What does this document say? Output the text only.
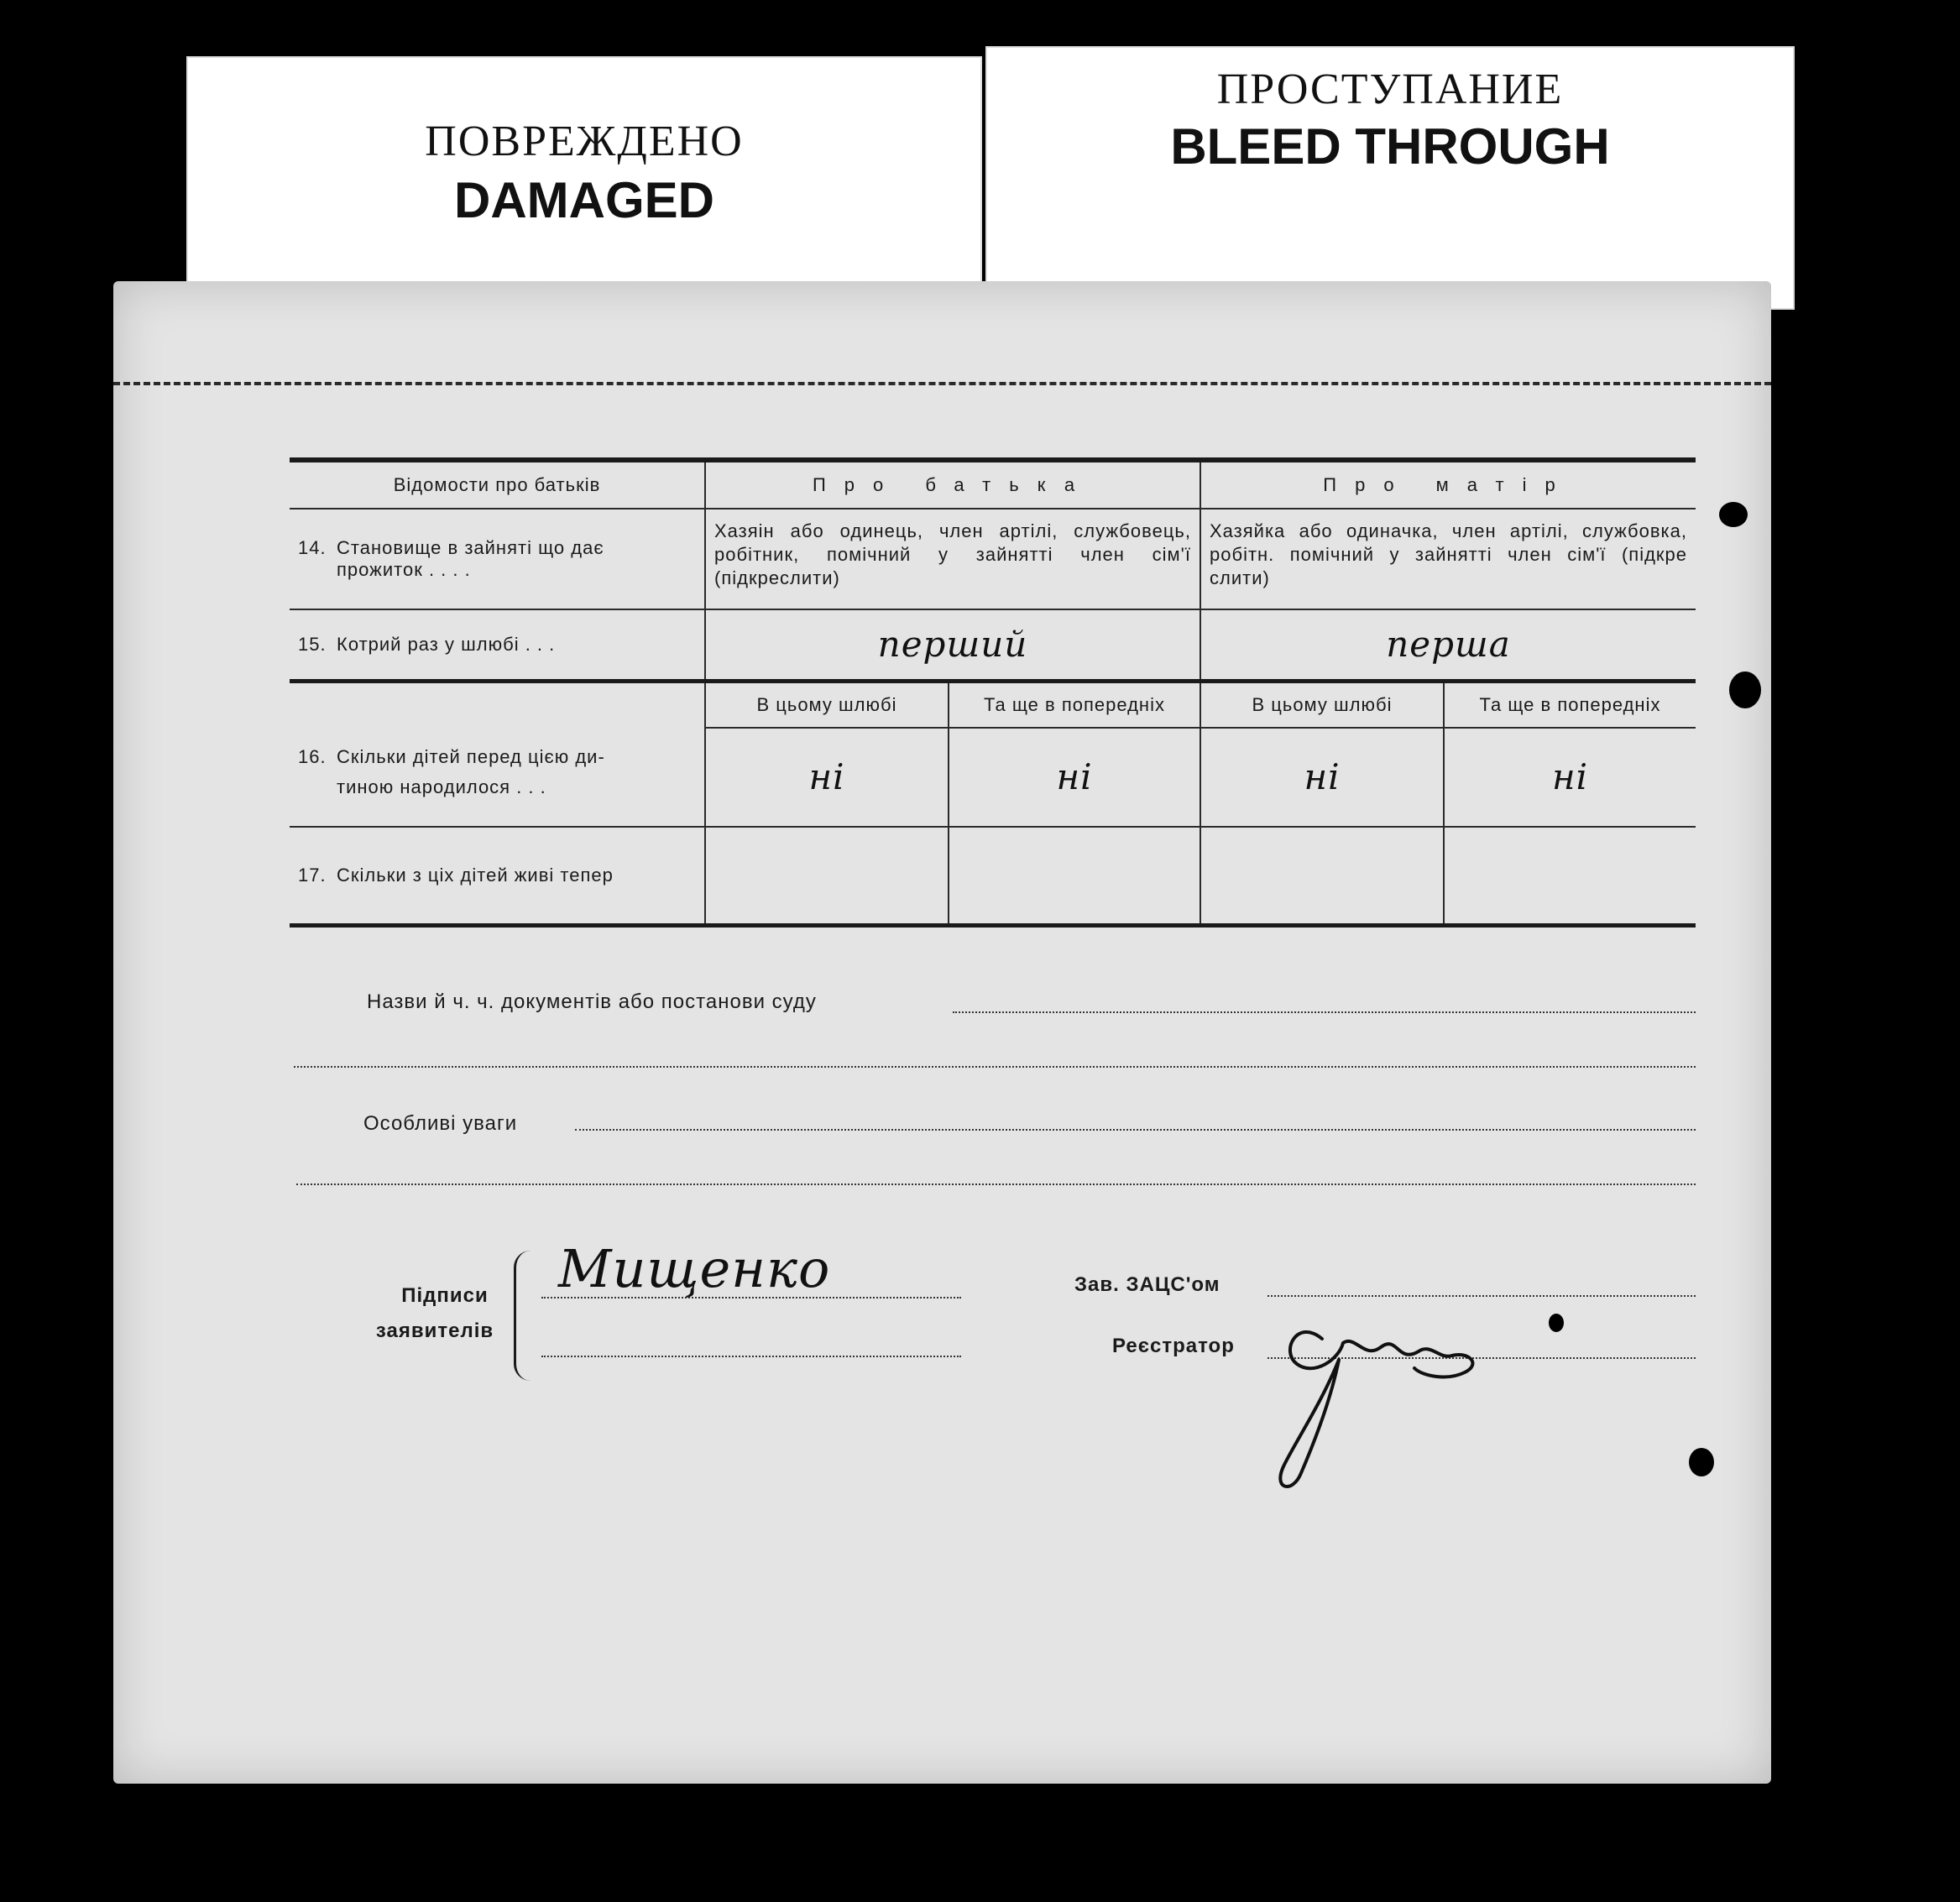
ПОВРЕЖДЕНО
DAMAGED
ПРОСТУПАНИЕ
BLEED THROUGH
Відомости про батьків	Про батька		Про матір	
14. Становище в зайняті що дає
прожиток . . . .	Хазяін або одинець, член артілі, службовець, робітник, помічний у зайнятті член сім'ї (підкреслити)		Хазяйка або одиначка, член артілі, службовка, робітн. помічний у зайнятті член сім'ї (підкре слити)	
15. Котрий раз у шлюбі . . .	перший		перша	
16. Скільки дітей перед цією ди-
тиною народилося . . .	В цьому шлюбі	Та ще в попередніх	В цьому шлюбі	Та ще в попередніх
	ні	ні	ні	ні
17. Скільки з ціх дітей живі тепер				
Назви й ч. ч. документів або постанови суду
Особливі уваги
Підписи
заявителів
Мищенко	Зав. ЗАЦС'ом
Реєстратор
